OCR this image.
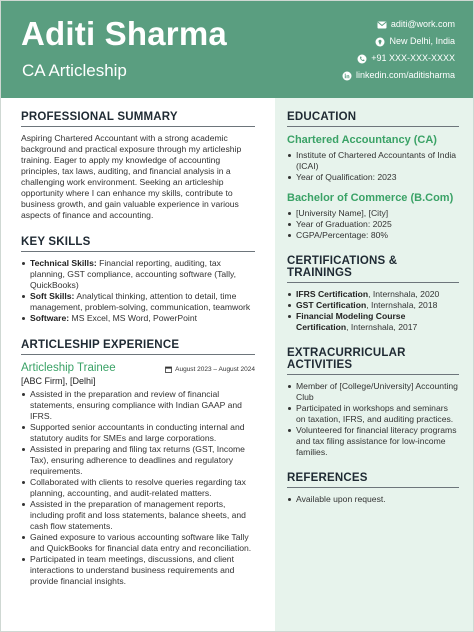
Aditi Sharma
CA Articleship
aditi@work.com
New Delhi, India
+91 XXX-XXX-XXXX
linkedin.com/aditisharma
PROFESSIONAL SUMMARY
Aspiring Chartered Accountant with a strong academic background and practical exposure through my articleship training. Eager to apply my knowledge of accounting principles, tax laws, auditing, and financial analysis in a challenging work environment. Seeking an articleship opportunity where I can enhance my skills, contribute to business growth, and gain valuable experience in various aspects of finance and accounting.
KEY SKILLS
Technical Skills: Financial reporting, auditing, tax planning, GST compliance, accounting software (Tally, QuickBooks)
Soft Skills: Analytical thinking, attention to detail, time management, problem-solving, communication, teamwork
Software: MS Excel, MS Word, PowerPoint
ARTICLESHIP EXPERIENCE
Articleship Trainee	August 2023 – August 2024
[ABC Firm], [Delhi]
Assisted in the preparation and review of financial statements, ensuring compliance with Indian GAAP and IFRS.
Supported senior accountants in conducting internal and statutory audits for SMEs and large corporations.
Assisted in preparing and filing tax returns (GST, Income Tax), ensuring adherence to deadlines and regulatory requirements.
Collaborated with clients to resolve queries regarding tax planning, accounting, and audit-related matters.
Assisted in the preparation of management reports, including profit and loss statements, balance sheets, and cash flow statements.
Gained exposure to various accounting software like Tally and QuickBooks for financial data entry and reconciliation.
Participated in team meetings, discussions, and client interactions to understand business requirements and provide financial insights.
EDUCATION
Chartered Accountancy (CA)
Institute of Chartered Accountants of India (ICAI)
Year of Qualification: 2023
Bachelor of Commerce (B.Com)
[University Name], [City]
Year of Graduation: 2025
CGPA/Percentage: 80%
CERTIFICATIONS & TRAININGS
IFRS Certification, Internshala, 2020
GST Certification, Internshala, 2018
Financial Modeling Course Certification, Internshala, 2017
EXTRACURRICULAR ACTIVITIES
Member of [College/University] Accounting Club
Participated in workshops and seminars on taxation, IFRS, and auditing practices.
Volunteered for financial literacy programs and tax filing assistance for low-income families.
REFERENCES
Available upon request.
